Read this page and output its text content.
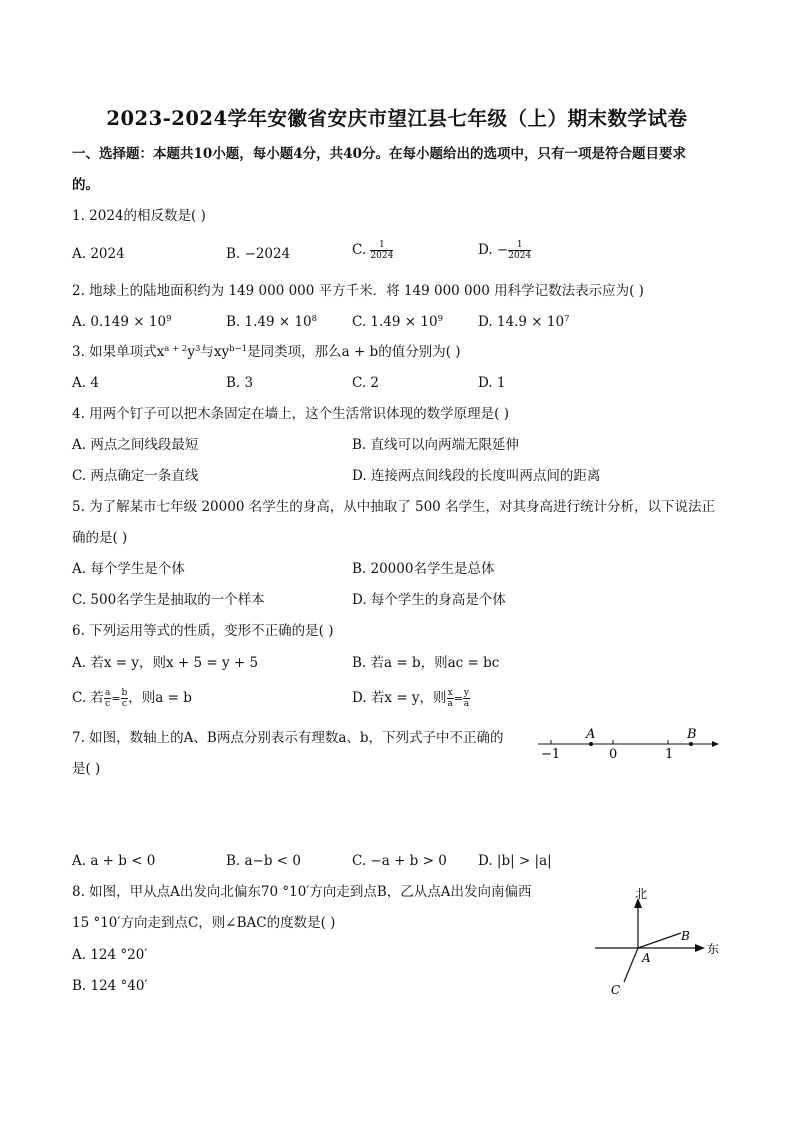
2023-2024学年安徽省安庆市望江县七年级（上）期末数学试卷
一、选择题：本题共10小题，每小题4分，共40分。在每小题给出的选项中，只有一项是符合题目要求
的。
1. 2024的相反数是( )
A. 2024	B. −2024	C. $\frac{1}{2024}$	D. − $\frac{1}{2024}$
2. 地球上的陆地面积约为 149 000 000 平方千米．将 149 000 000 用科学记数法表示应为( )
A. $0.149 \times 10^9$	B. $1.49 \times 10^8$	C. $1.49 \times 10^9$	D. $14.9 \times 10^7$
3. 如果单项式$x^{a + 2}y^3$与$xy^{b-1}$是同类项，那么a + b的值分别为( )
A. 4	B. 3	C. 2	D. 1
4. 用两个钉子可以把木条固定在墙上，这个生活常识体现的数学原理是( )
A. 两点之间线段最短	B. 直线可以向两端无限延伸
C. 两点确定一条直线	D. 连接两点间线段的长度叫两点间的距离
5. 为了解某市七年级 20000 名学生的身高，从中抽取了 500 名学生，对其身高进行统计分析，以下说法正
确的是( )
A. 每个学生是个体	B. 20000名学生是总体
C. 500名学生是抽取的一个样本	D. 每个学生的身高是个体
6. 下列运用等式的性质，变形不正确的是( )
A. 若x = y，则x + 5 = y + 5	B. 若a = b，则ac = bc
C. 若 $\frac{a}{c} = \frac{b}{c}$ ，则a = b	D. 若x = y，则 $\frac{x}{a} = \frac{y}{a}$
7. 如图，数轴上的A、B两点分别表示有理数a、b，下列式子中不正确的
是( )
A	B
−1	0	1
A. a + b < 0	B. a−b < 0	C. −a + b > 0 D. |b| > |a|
8. 如图，甲从点A出发向北偏东70 °10′方向走到点B，乙从点A出发向南偏西
15 °10′方向走到点C，则∠BAC的度数是( )
A. 124 °20′
B. 124 °40′
北
东
A
B
C
